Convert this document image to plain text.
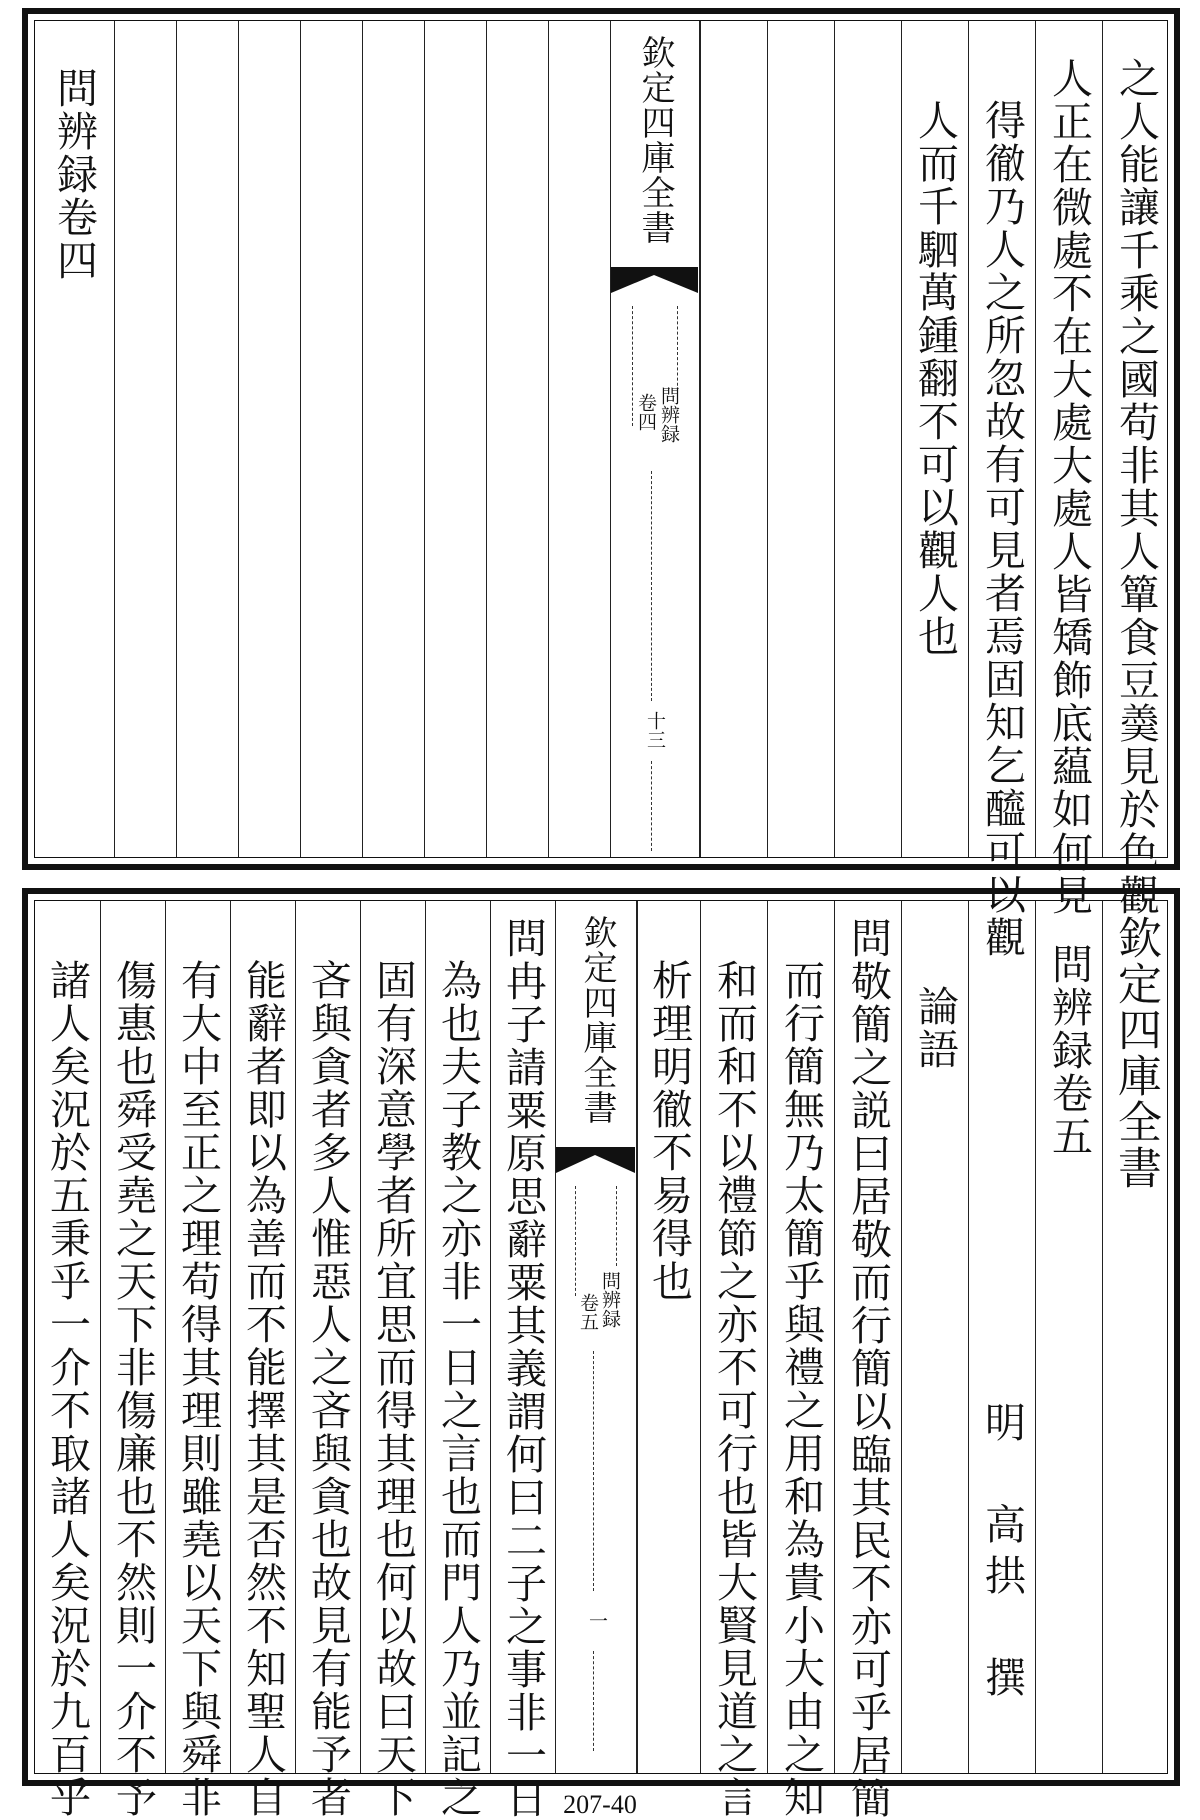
之人能讓千乘之國苟非其人簞食豆羮見於色觀
人正在微處不在大處大處人皆矯飾底藴如何見
得徹乃人之所忽故有可見者焉固知乞醯可以觀
人而千駟萬鍾翻不可以觀人也
欽定四庫全書
問辨録
卷四
十三
問辨録卷四
欽定四庫全書
問辨録卷五
明　高拱　撰
論語
問敬簡之説曰居敬而行簡以臨其民不亦可乎居簡
而行簡無乃太簡乎與禮之用和為貴小大由之知
和而和不以禮節之亦不可行也皆大賢見道之言
析理明徹不易得也
欽定四庫全書
問辨録
卷五
一
問冉子請粟原思辭粟其義謂何曰二子之事非一日
為也夫子教之亦非一日之言也而門人乃並記之
固有深意學者所宜思而得其理也何以故曰天下
吝與貪者多人惟惡人之吝與貪也故見有能予者
能辭者即以為善而不能擇其是否然不知聖人自
有大中至正之理苟得其理則雖堯以天下與舜非
傷惠也舜受堯之天下非傷廉也不然則一介不予
諸人矣況於五秉乎一介不取諸人矣況於九百乎	207-40
